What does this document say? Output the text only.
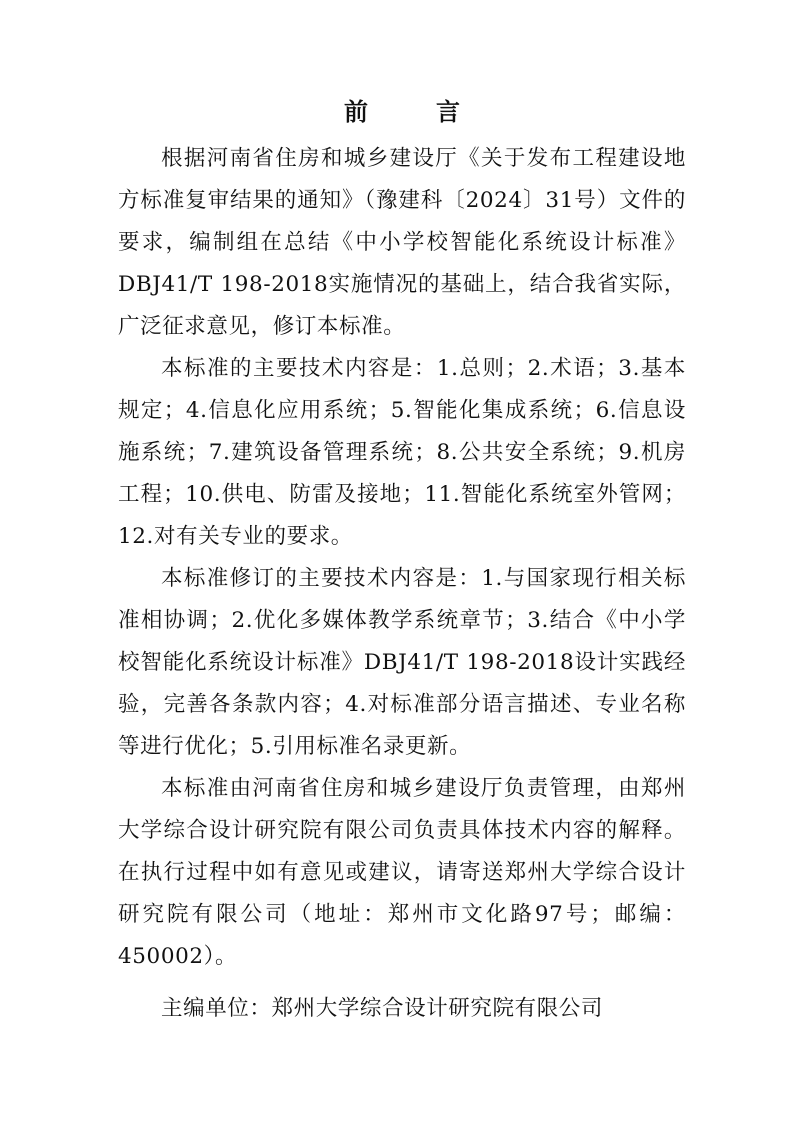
前　言

根据河南省住房和城乡建设厅《关于发布工程建设地方标准复审结果的通知》（豫建科〔2024〕31号）文件的要求，编制组在总结《中小学校智能化系统设计标准》DBJ41/T 198-2018实施情况的基础上，结合我省实际，广泛征求意见，修订本标准。

本标准的主要技术内容是：1.总则；2.术语；3.基本规定；4.信息化应用系统；5.智能化集成系统；6.信息设施系统；7.建筑设备管理系统；8.公共安全系统；9.机房工程；10.供电、防雷及接地；11.智能化系统室外管网；12.对有关专业的要求。

本标准修订的主要技术内容是：1.与国家现行相关标准相协调；2.优化多媒体教学系统章节；3.结合《中小学校智能化系统设计标准》DBJ41/T 198-2018设计实践经验，完善各条款内容；4.对标准部分语言描述、专业名称等进行优化；5.引用标准名录更新。

本标准由河南省住房和城乡建设厅负责管理，由郑州大学综合设计研究院有限公司负责具体技术内容的解释。在执行过程中如有意见或建议，请寄送郑州大学综合设计研究院有限公司（地址：郑州市文化路97号；邮编：450002）。

主编单位：郑州大学综合设计研究院有限公司
